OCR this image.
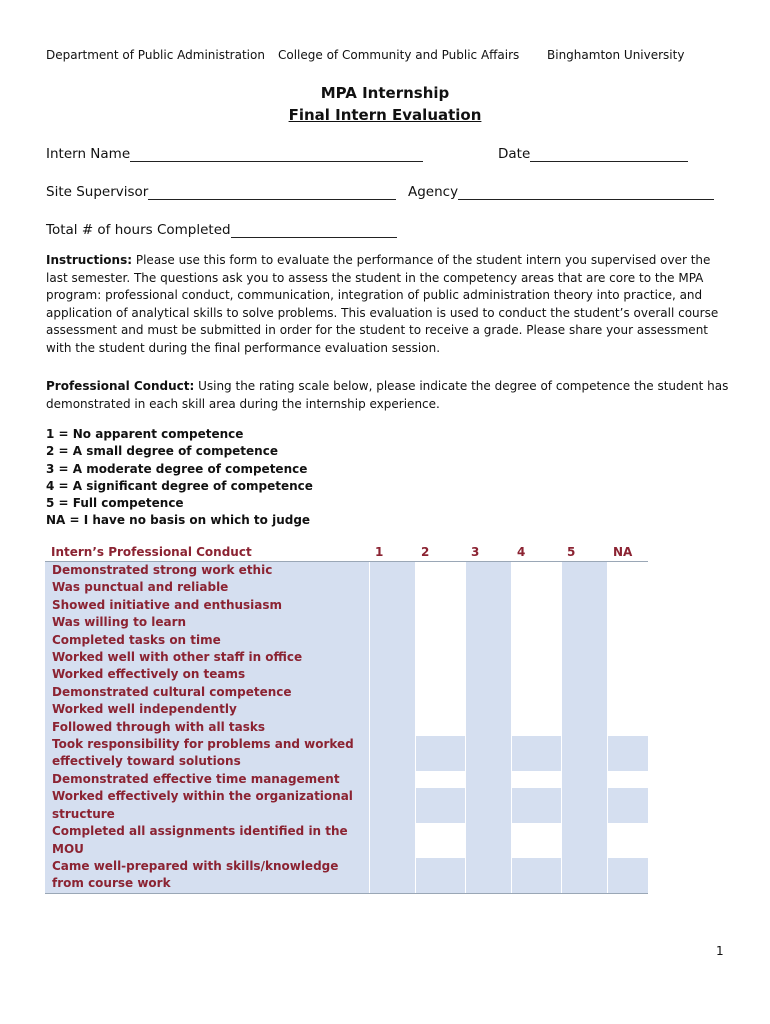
Department of Public Administration College of Community and Public Affairs Binghamton University
MPA Internship
Final Intern Evaluation
Intern Name	Date
Site Supervisor	Agency
Total # of hours Completed
Instructions: Please use this form to evaluate the performance of the student intern you supervised over the last semester. The questions ask you to assess the student in the competency areas that are core to the MPA program: professional conduct, communication, integration of public administration theory into practice, and application of analytical skills to solve problems. This evaluation is used to conduct the student’s overall course assessment and must be submitted in order for the student to receive a grade. Please share your assessment with the student during the final performance evaluation session.
Professional Conduct: Using the rating scale below, please indicate the degree of competence the student has demonstrated in each skill area during the internship experience.
1 = No apparent competence
2 = A small degree of competence
3 = A moderate degree of competence
4 = A significant degree of competence
5 = Full competence
NA = I have no basis on which to judge
Intern’s Professional Conduct	1	2	3	4	5	NA
Demonstrated strong work ethic						
Was punctual and reliable						
Showed initiative and enthusiasm						
Was willing to learn						
Completed tasks on time						
Worked well with other staff in office						
Worked effectively on teams						
Demonstrated cultural competence						
Worked well independently						
Followed through with all tasks						
Took responsibility for problems and worked effectively toward solutions						
Demonstrated effective time management						
Worked effectively within the organizational structure						
Completed all assignments identified in the MOU						
Came well-prepared with skills/knowledge from course work						
1
